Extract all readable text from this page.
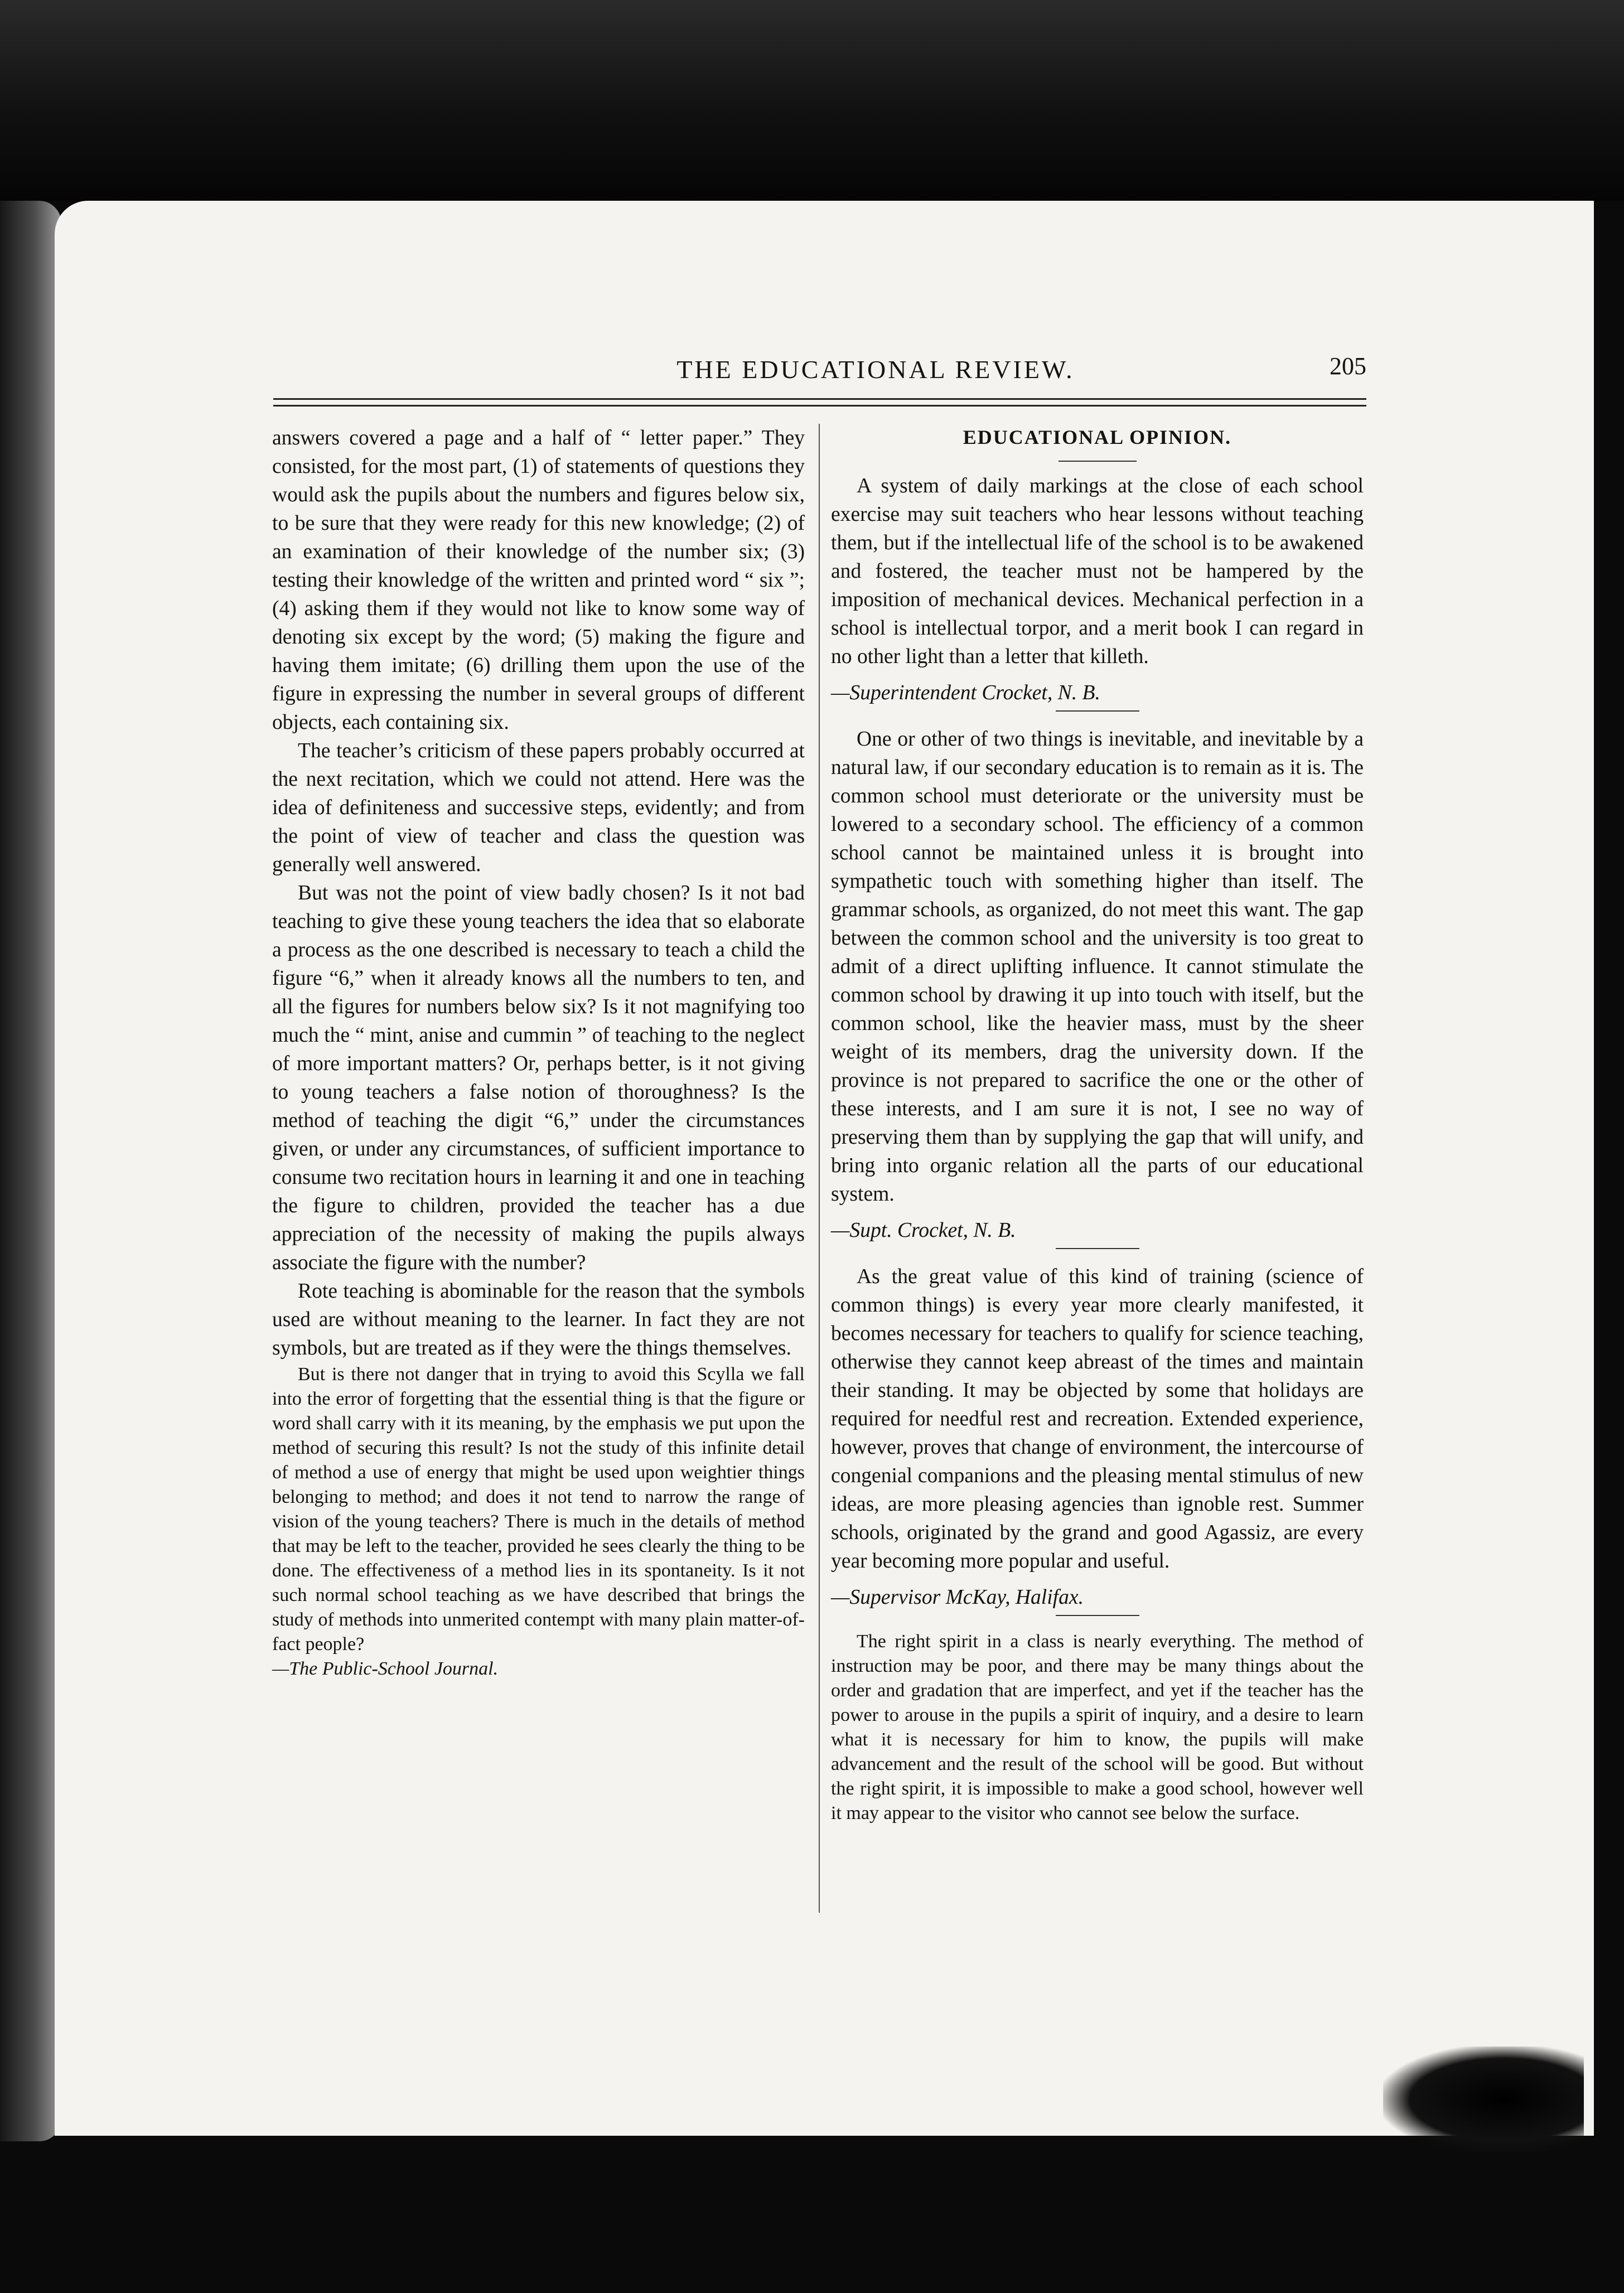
THE EDUCATIONAL REVIEW.	205

answers covered a page and a half of “ letter paper.” They consisted, for the most part, (1) of statements of questions they would ask the pupils about the numbers and figures below six, to be sure that they were ready for this new knowledge; (2) of an examination of their knowledge of the number six; (3) testing their knowledge of the written and printed word “ six ”; (4) asking them if they would not like to know some way of denoting six except by the word; (5) making the figure and having them imitate; (6) drilling them upon the use of the figure in expressing the number in several groups of different objects, each containing six.

The teacher’s criticism of these papers probably occurred at the next recitation, which we could not attend. Here was the idea of definiteness and successive steps, evidently; and from the point of view of teacher and class the question was generally well answered.

But was not the point of view badly chosen? Is it not bad teaching to give these young teachers the idea that so elaborate a process as the one described is necessary to teach a child the figure “6,” when it already knows all the numbers to ten, and all the figures for numbers below six? Is it not magnifying too much the “ mint, anise and cummin ” of teaching to the neglect of more important matters? Or, perhaps better, is it not giving to young teachers a false notion of thoroughness? Is the method of teaching the digit “6,” under the circumstances given, or under any circumstances, of sufficient importance to consume two recitation hours in learning it and one in teaching the figure to children, provided the teacher has a due appreciation of the necessity of making the pupils always associate the figure with the number?

Rote teaching is abominable for the reason that the symbols used are without meaning to the learner. In fact they are not symbols, but are treated as if they were the things themselves.

But is there not danger that in trying to avoid this Scylla we fall into the error of forgetting that the essential thing is that the figure or word shall carry with it its meaning, by the emphasis we put upon the method of securing this result? Is not the study of this infinite detail of method a use of energy that might be used upon weightier things belonging to method; and does it not tend to narrow the range of vision of the young teachers? There is much in the details of method that may be left to the teacher, provided he sees clearly the thing to be done. The effectiveness of a method lies in its spontaneity. Is it not such normal school teaching as we have described that brings the study of methods into unmerited contempt with many plain matter-of-fact people?

—The Public-School Journal.

EDUCATIONAL OPINION.

A system of daily markings at the close of each school exercise may suit teachers who hear lessons without teaching them, but if the intellectual life of the school is to be awakened and fostered, the teacher must not be hampered by the imposition of mechanical devices. Mechanical perfection in a school is intellectual torpor, and a merit book I can regard in no other light than a letter that killeth.

—Superintendent Crocket, N. B.

One or other of two things is inevitable, and inevitable by a natural law, if our secondary education is to remain as it is. The common school must deteriorate or the university must be lowered to a secondary school. The efficiency of a common school cannot be maintained unless it is brought into sympathetic touch with something higher than itself. The grammar schools, as organized, do not meet this want. The gap between the common school and the university is too great to admit of a direct uplifting influence. It cannot stimulate the common school by drawing it up into touch with itself, but the common school, like the heavier mass, must by the sheer weight of its members, drag the university down. If the province is not prepared to sacrifice the one or the other of these interests, and I am sure it is not, I see no way of preserving them than by supplying the gap that will unify, and bring into organic relation all the parts of our educational system.

—Supt. Crocket, N. B.

As the great value of this kind of training (science of common things) is every year more clearly manifested, it becomes necessary for teachers to qualify for science teaching, otherwise they cannot keep abreast of the times and maintain their standing. It may be objected by some that holidays are required for needful rest and recreation. Extended experience, however, proves that change of environment, the intercourse of congenial companions and the pleasing mental stimulus of new ideas, are more pleasing agencies than ignoble rest. Summer schools, originated by the grand and good Agassiz, are every year becoming more popular and useful.

—Supervisor McKay, Halifax.

The right spirit in a class is nearly everything. The method of instruction may be poor, and there may be many things about the order and gradation that are imperfect, and yet if the teacher has the power to arouse in the pupils a spirit of inquiry, and a desire to learn what it is necessary for him to know, the pupils will make advancement and the result of the school will be good. But without the right spirit, it is impossible to make a good school, however well it may appear to the visitor who cannot see below the surface.
